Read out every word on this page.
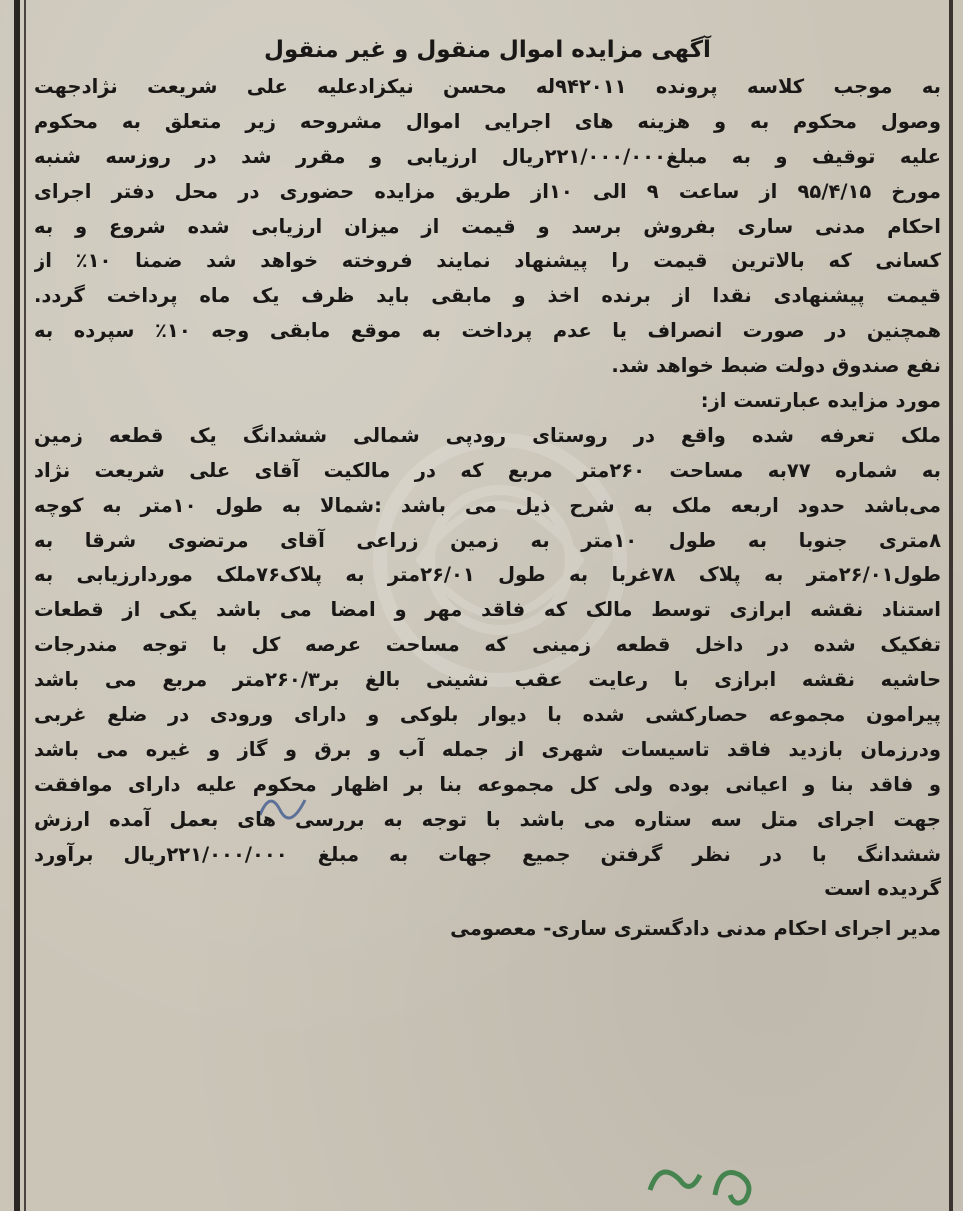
آگهی مزایده اموال منقول و غیر منقول

به موجب کلاسه پرونده ۹۴۲۰۱۱له محسن نیکزادعلیه علی شریعت نژادجهت

وصول محکوم به و هزینه های اجرایی اموال مشروحه زیر متعلق به محکوم

علیه توقیف و به مبلغ۲۲۱/۰۰۰/۰۰۰ریال ارزیابی و مقرر شد در روزسه شنبه

مورخ ۹۵/۴/۱۵ از ساعت ۹ الی ۱۰از طریق مزایده حضوری در محل دفتر اجرای

احکام مدنی ساری بفروش برسد و قیمت از میزان ارزیابی شده شروع و به

کسانی که بالاترین قیمت را پیشنهاد نمایند فروخته خواهد شد ضمنا ۱۰٪ از

قیمت پیشنهادی نقدا از برنده اخذ و مابقی باید ظرف یک ماه پرداخت گردد.

همچنین در صورت انصراف یا عدم پرداخت به موقع مابقی وجه ۱۰٪ سپرده به

نفع صندوق دولت ضبط خواهد شد.

مورد مزایده عبارتست از:

ملک تعرفه شده واقع در روستای رودپی شمالی ششدانگ یک قطعه زمین

به شماره ۷۷به مساحت ۲۶۰متر مربع که در مالکیت آقای علی شریعت نژاد

می‌باشد حدود اربعه ملک به شرح ذیل می باشد :شمالا به طول ۱۰متر به کوچه

۸متری جنوبا به طول ۱۰متر به زمین زراعی آقای مرتضوی شرقا به

طول۲۶/۰۱متر به پلاک ۷۸غربا به طول ۲۶/۰۱متر به پلاک۷۶ملک موردارزیابی به

استناد نقشه ابرازی توسط مالک که فاقد مهر و امضا می باشد یکی از قطعات

تفکیک شده در داخل قطعه زمینی که مساحت عرصه کل با توجه مندرجات

حاشیه نقشه ابرازی با رعایت عقب نشینی بالغ بر۲۶۰/۳متر مربع می باشد

پیرامون مجموعه حصارکشی شده با دیوار بلوکی و دارای ورودی در ضلع غربی

ودرزمان بازدید فاقد تاسیسات شهری از جمله آب و برق و گاز و غیره می باشد

و فاقد بنا و اعیانی بوده ولی کل مجموعه بنا بر اظهار محکوم علیه دارای موافقت

جهت اجرای متل سه ستاره می باشد با توجه به بررسی های بعمل آمده ارزش

ششدانگ با در نظر گرفتن جمیع جهات به مبلغ ۲۲۱/۰۰۰/۰۰۰ریال برآورد

گردیده است

مدیر اجرای احکام مدنی دادگستری ساری- معصومی
